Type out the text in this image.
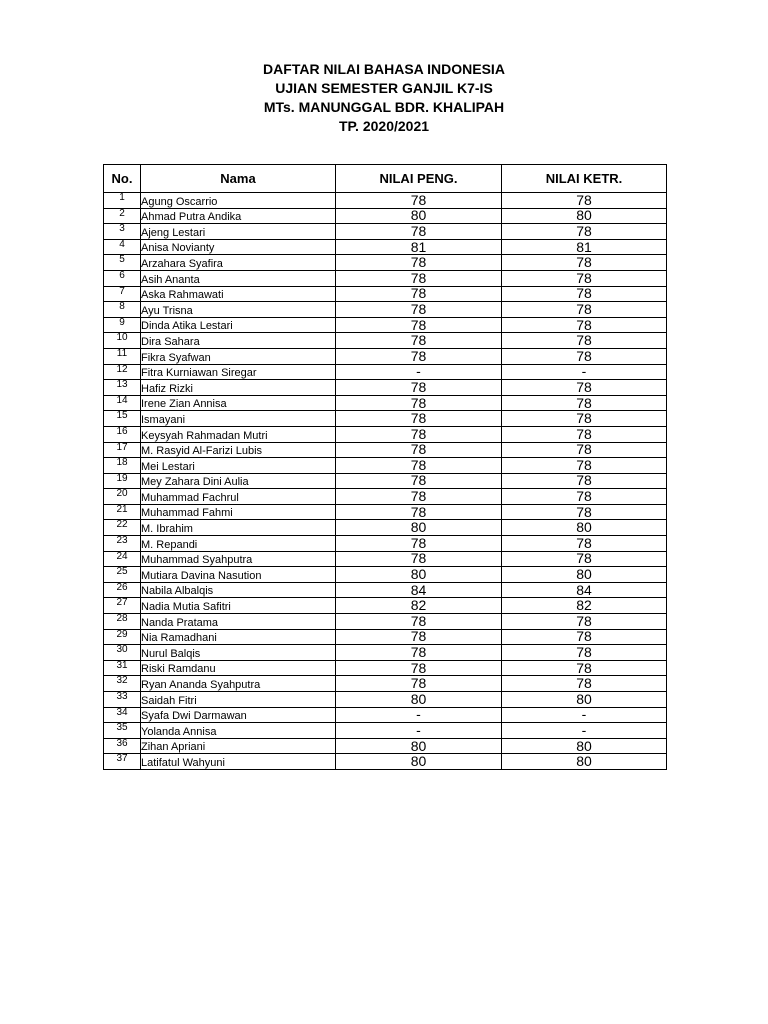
DAFTAR NILAI BAHASA INDONESIA
UJIAN SEMESTER GANJIL K7-IS
MTs. MANUNGGAL BDR. KHALIPAH
TP. 2020/2021
No.	Nama	NILAI PENG.	NILAI KETR.
1	Agung Oscarrio	78	78
2	Ahmad Putra Andika	80	80
3	Ajeng Lestari	78	78
4	Anisa Novianty	81	81
5	Arzahara Syafira	78	78
6	Asih Ananta	78	78
7	Aska Rahmawati	78	78
8	Ayu Trisna	78	78
9	Dinda Atika Lestari	78	78
10	Dira Sahara	78	78
11	Fikra Syafwan	78	78
12	Fitra Kurniawan Siregar	-	-
13	Hafiz Rizki	78	78
14	Irene Zian Annisa	78	78
15	Ismayani	78	78
16	Keysyah Rahmadan Mutri	78	78
17	M. Rasyid Al-Farizi Lubis	78	78
18	Mei Lestari	78	78
19	Mey Zahara Dini Aulia	78	78
20	Muhammad Fachrul	78	78
21	Muhammad Fahmi	78	78
22	M. Ibrahim	80	80
23	M. Repandi	78	78
24	Muhammad Syahputra	78	78
25	Mutiara Davina Nasution	80	80
26	Nabila Albalqis	84	84
27	Nadia Mutia Safitri	82	82
28	Nanda Pratama	78	78
29	Nia Ramadhani	78	78
30	Nurul Balqis	78	78
31	Riski Ramdanu	78	78
32	Ryan Ananda Syahputra	78	78
33	Saidah Fitri	80	80
34	Syafa Dwi Darmawan	-	-
35	Yolanda Annisa	-	-
36	Zihan Apriani	80	80
37	Latifatul Wahyuni	80	80
